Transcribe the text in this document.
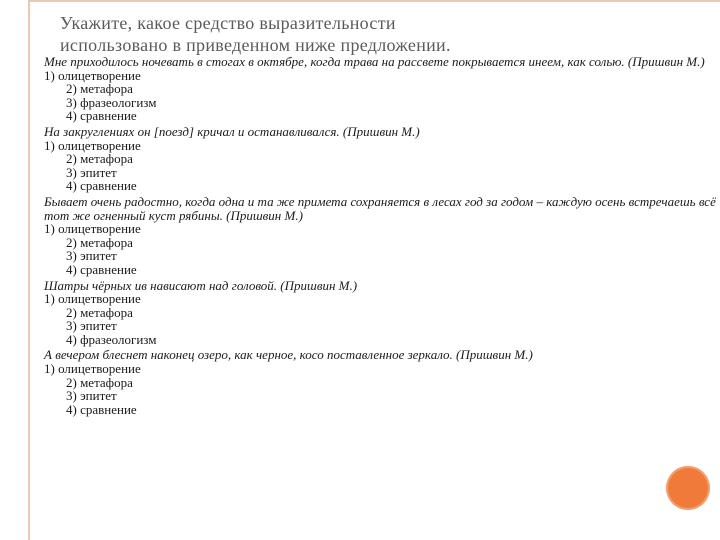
Укажите, какое средство выразительности
использовано в приведенном ниже предложении.

Мне приходилось ночевать в стогах в октябре, когда трава на рассвете покрывается инеем, как солью. (Пришвин М.)

1) олицетворение

2) метафора

3) фразеологизм

4) сравнение

На закруглениях он [поезд] кричал и останавливался. (Пришвин М.)

1) олицетворение

2) метафора

3) эпитет

4) сравнение

Бывает очень радостно, когда одна и та же примета сохраняется в лесах год за годом – каждую осень встречаешь всё тот же огненный куст рябины. (Пришвин М.)

1) олицетворение

2) метафора

3) эпитет

4) сравнение

Шатры чёрных ив нависают над головой. (Пришвин М.)

1) олицетворение

2) метафора

3) эпитет

4) фразеологизм

А вечером блеснет наконец озеро, как черное, косо поставленное зеркало. (Пришвин М.)

1) олицетворение

2) метафора

3) эпитет

4) сравнение
